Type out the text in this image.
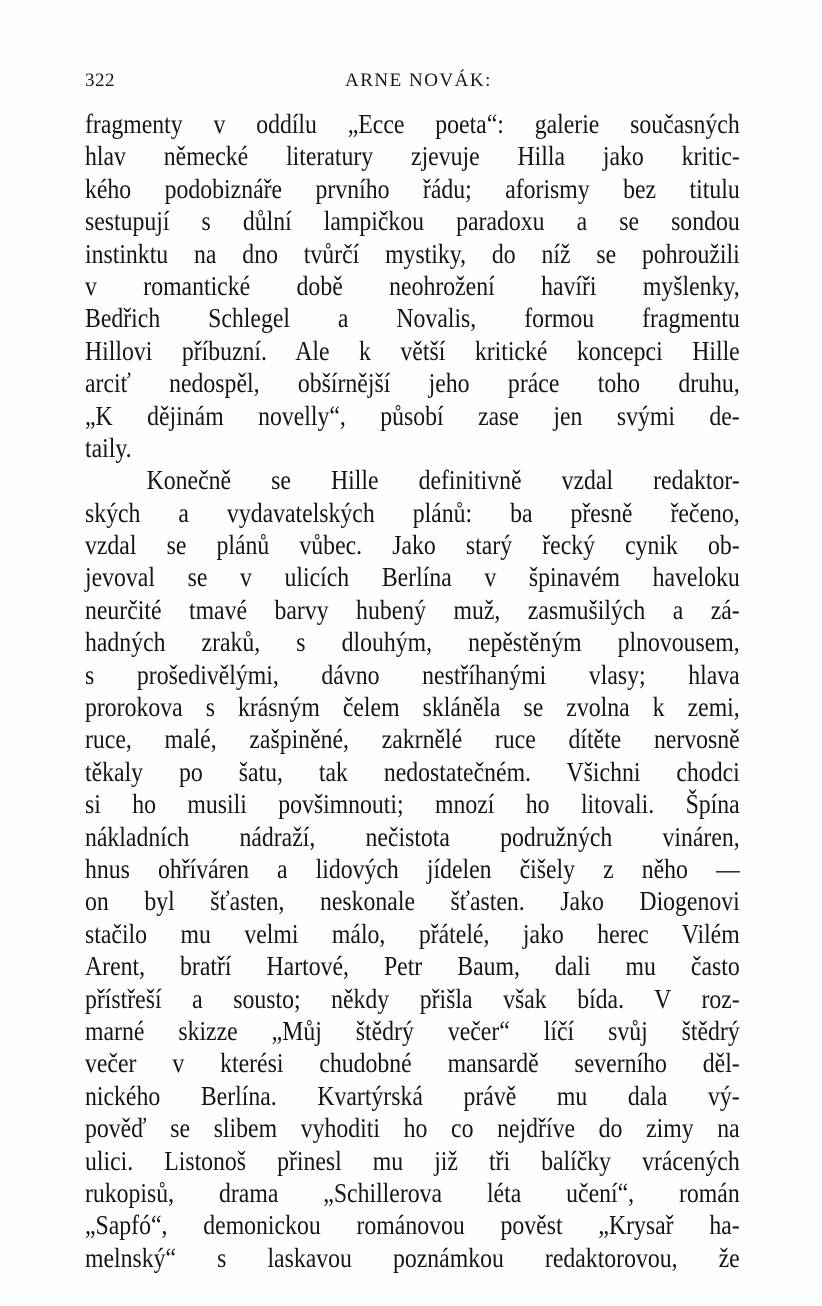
322	ARNE NOVÁK:
fragmenty v oddílu „Ecce poeta“: galerie současných
hlav německé literatury zjevuje Hilla jako kritic-
kého podobiznáře prvního řádu; aforismy bez titulu
sestupují s důlní lampičkou paradoxu a se sondou
instinktu na dno tvůrčí mystiky, do níž se pohroužili
v romantické době neohrožení havíři myšlenky,
Bedřich Schlegel a Novalis, formou fragmentu
Hillovi příbuzní. Ale k větší kritické koncepci Hille
arciť nedospěl, obšírnější jeho práce toho druhu,
„K dějinám novelly“, působí zase jen svými de-
taily.
Konečně se Hille definitivně vzdal redaktor-
ských a vydavatelských plánů: ba přesně řečeno,
vzdal se plánů vůbec. Jako starý řecký cynik ob-
jevoval se v ulicích Berlína v špinavém haveloku
neurčité tmavé barvy hubený muž, zasmušilých a zá-
hadných zraků, s dlouhým, nepěstěným plnovousem,
s prošedivělými, dávno nestříhanými vlasy; hlava
prorokova s krásným čelem skláněla se zvolna k zemi,
ruce, malé, zašpiněné, zakrnělé ruce dítěte nervosně
těkaly po šatu, tak nedostatečném. Všichni chodci
si ho musili povšimnouti; mnozí ho litovali. Špína
nákladních nádraží, nečistota podružných vináren,
hnus ohříváren a lidových jídelen čišely z něho —
on byl šťasten, neskonale šťasten. Jako Diogenovi
stačilo mu velmi málo, přátelé, jako herec Vilém
Arent, bratří Hartové, Petr Baum, dali mu často
přístřeší a sousto; někdy přišla však bída. V roz-
marné skizze „Můj štědrý večer“ líčí svůj štědrý
večer v kterési chudobné mansardě severního děl-
nického Berlína. Kvartýrská právě mu dala vý-
pověď se slibem vyhoditi ho co nejdříve do zimy na
ulici. Listonoš přinesl mu již tři balíčky vrácených
rukopisů, drama „Schillerova léta učení“, román
„Sapfó“, demonickou románovou pověst „Krysař ha-
melnský“ s laskavou poznámkou redaktorovou, že
